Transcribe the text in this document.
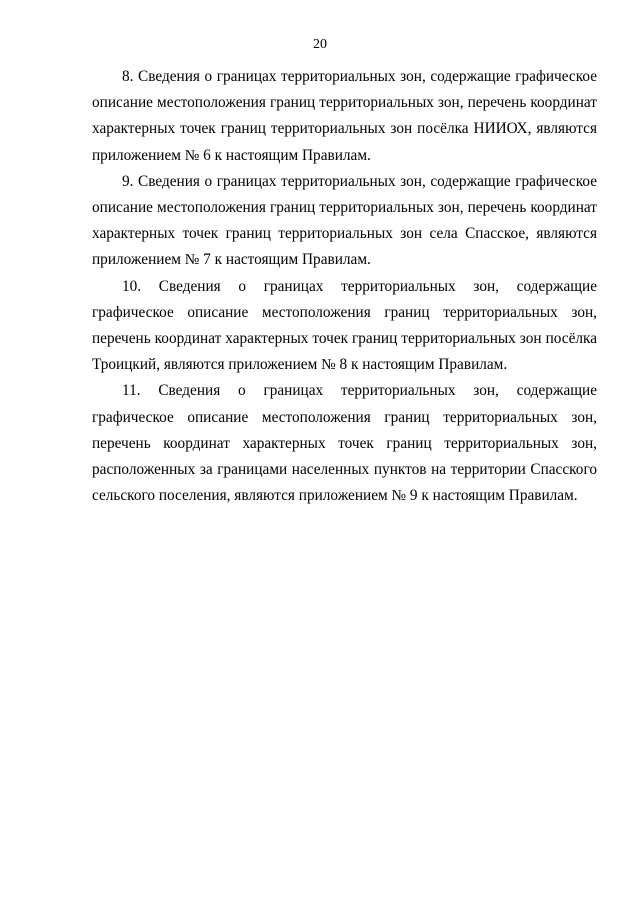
20

8. Сведения о границах территориальных зон, содержащие графическое описание местоположения границ территориальных зон, перечень координат характерных точек границ территориальных зон посёлка НИИОХ, являются приложением № 6 к настоящим Правилам.

9. Сведения о границах территориальных зон, содержащие графическое описание местоположения границ территориальных зон, перечень координат характерных точек границ территориальных зон села Спасское, являются приложением № 7 к настоящим Правилам.

10. Сведения о границах территориальных зон, содержащие графическое описание местоположения границ территориальных зон, перечень координат характерных точек границ территориальных зон посёлка Троицкий, являются приложением № 8 к настоящим Правилам.

11. Сведения о границах территориальных зон, содержащие графическое описание местоположения границ территориальных зон, перечень координат характерных точек границ территориальных зон, расположенных за границами населенных пунктов на территории Спасского сельского поселения, являются приложением № 9 к настоящим Правилам.
